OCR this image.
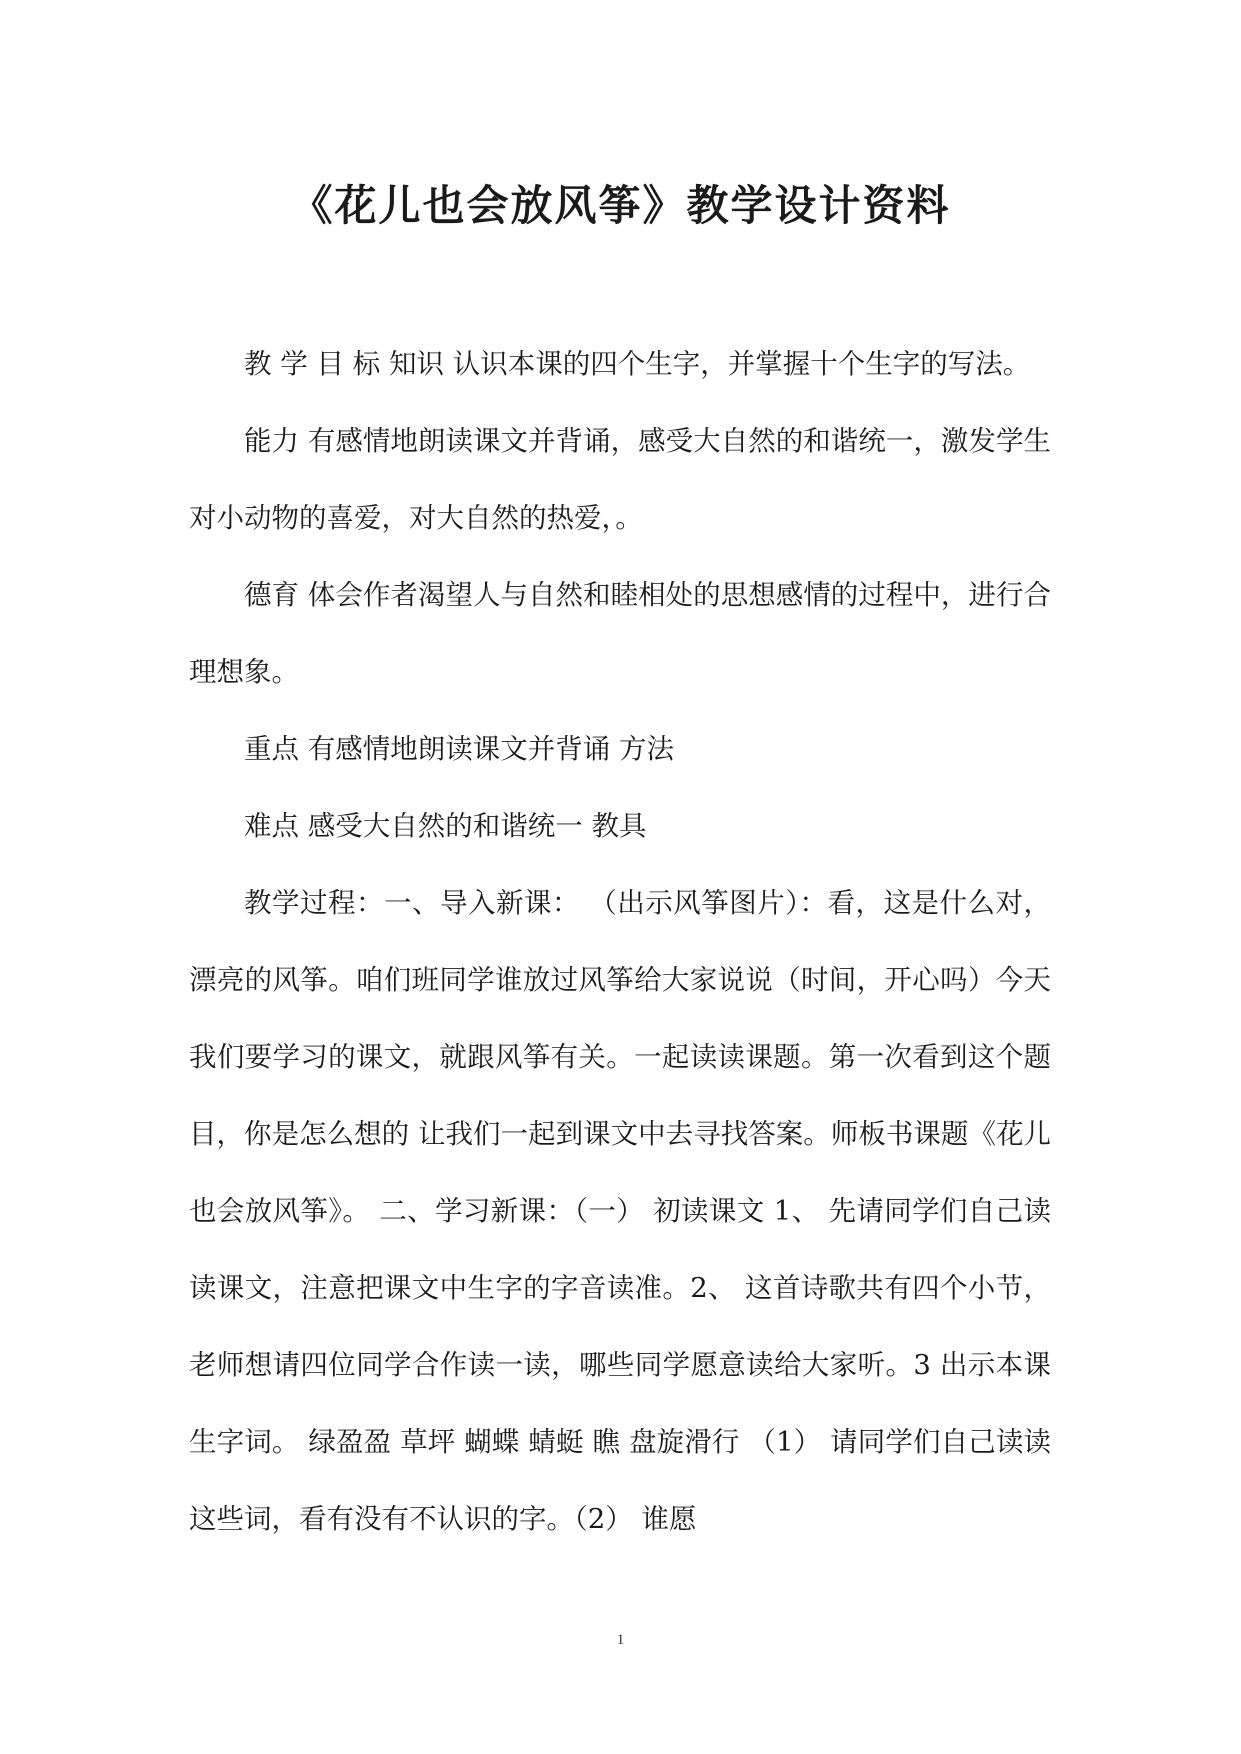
《花儿也会放风筝》教学设计资料

教 学 目 标 知识 认识本课的四个生字，并掌握十个生字的写法。

能力 有感情地朗读课文并背诵，感受大自然的和谐统一，激发学生对小动物的喜爱，对大自然的热爱，。

德育 体会作者渴望人与自然和睦相处的思想感情的过程中，进行合理想象。

重点 有感情地朗读课文并背诵 方法

难点 感受大自然的和谐统一 教具

教学过程：一、导入新课： （出示风筝图片）：看，这是什么对，漂亮的风筝。咱们班同学谁放过风筝给大家说说（时间，开心吗）今天我们要学习的课文，就跟风筝有关。一起读读课题。第一次看到这个题目，你是怎么想的 让我们一起到课文中去寻找答案。师板书课题《花儿也会放风筝》。 二、学习新课：（一） 初读课文 1、 先请同学们自己读读课文，注意把课文中生字的字音读准。2、 这首诗歌共有四个小节，老师想请四位同学合作读一读，哪些同学愿意读给大家听。3 出示本课生字词。 绿盈盈 草坪 蝴蝶 蜻蜓 瞧 盘旋滑行 （1） 请同学们自己读读这些词，看有没有不认识的字。（2） 谁愿

1
